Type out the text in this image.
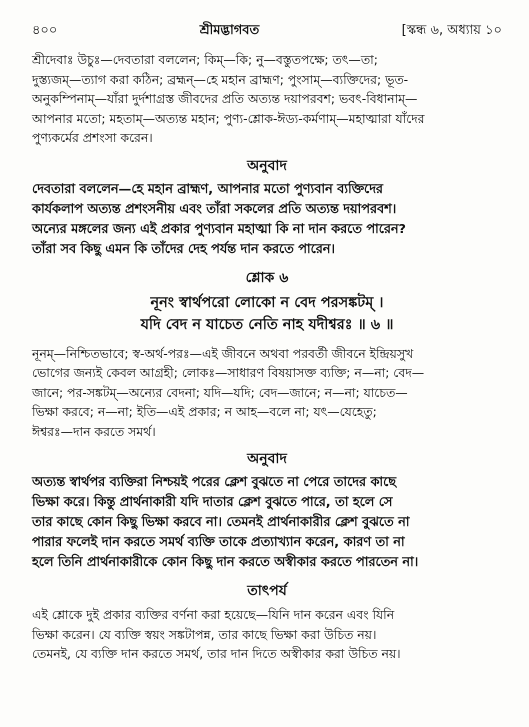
৪০০	শ্রীমদ্ভাগবত	[স্কন্ধ ৬, অধ্যায় ১০
শ্রীদেবাঃ উচুঃ—দেবতারা বললেন; কিম্—কি; নু—বস্তুতপক্ষে; তৎ—তা;
দুস্ত্যজম্—ত্যাগ করা কঠিন; ব্রহ্মন্—হে মহান ব্রাহ্মণ; পুংসাম্—ব্যক্তিদের; ভূত-
অনুকম্পিনাম্—যাঁরা দুর্দশাগ্রস্ত জীবদের প্রতি অত্যন্ত দয়াপরবশ; ভবৎ-বিধানাম্—
আপনার মতো; মহতাম্—অত্যন্ত মহান; পুণ্য-শ্লোক-ঈড্য-কর্মণাম্—মহাত্মারা যাঁদের
পুণ্যকর্মের প্রশংসা করেন।
অনুবাদ
দেবতারা বললেন—হে মহান ব্রাহ্মণ, আপনার মতো পুণ্যবান ব্যক্তিদের
কার্যকলাপ অত্যন্ত প্রশংসনীয় এবং তাঁরা সকলের প্রতি অত্যন্ত দয়াপরবশ।
অন্যের মঙ্গলের জন্য এই প্রকার পুণ্যবান মহাত্মা কি না দান করতে পারেন?
তাঁরা সব কিছু এমন কি তাঁদের দেহ পর্যন্ত দান করতে পারেন।
শ্লোক ৬
নূনং স্বার্থপরো লোকো ন বেদ পরসঙ্কটম্ ।
যদি বেদ ন যাচেত নেতি নাহ যদীশ্বরঃ ॥ ৬ ॥
নূনম্—নিশ্চিতভাবে; স্ব-অর্থ-পরঃ—এই জীবনে অথবা পরবর্তী জীবনে ইন্দ্রিয়সুখ
ভোগের জন্যই কেবল আগ্রহী; লোকঃ—সাধারণ বিষয়াসক্ত ব্যক্তি; ন—না; বেদ—
জানে; পর-সঙ্কটম্—অন্যের বেদনা; যদি—যদি; বেদ—জানে; ন—না; যাচেত—
ভিক্ষা করবে; ন—না; ইতি—এই প্রকার; ন আহ—বলে না; যৎ—যেহেতু;
ঈশ্বরঃ—দান করতে সমর্থ।
অনুবাদ
অত্যন্ত স্বার্থপর ব্যক্তিরা নিশ্চয়ই পরের ক্লেশ বুঝতে না পেরে তাদের কাছে
ভিক্ষা করে। কিন্তু প্রার্থনাকারী যদি দাতার ক্লেশ বুঝতে পারে, তা হলে সে
তার কাছে কোন কিছু ভিক্ষা করবে না। তেমনই প্রার্থনাকারীর ক্লেশ বুঝতে না
পারার ফলেই দান করতে সমর্থ ব্যক্তি তাকে প্রত্যাখ্যান করেন, কারণ তা না
হলে তিনি প্রার্থনাকারীকে কোন কিছু দান করতে অস্বীকার করতে পারতেন না।
তাৎপর্য
এই শ্লোকে দুই প্রকার ব্যক্তির বর্ণনা করা হয়েছে—যিনি দান করেন এবং যিনি
ভিক্ষা করেন। যে ব্যক্তি স্বয়ং সঙ্কটাপন্ন, তার কাছে ভিক্ষা করা উচিত নয়।
তেমনই, যে ব্যক্তি দান করতে সমর্থ, তার দান দিতে অস্বীকার করা উচিত নয়।
